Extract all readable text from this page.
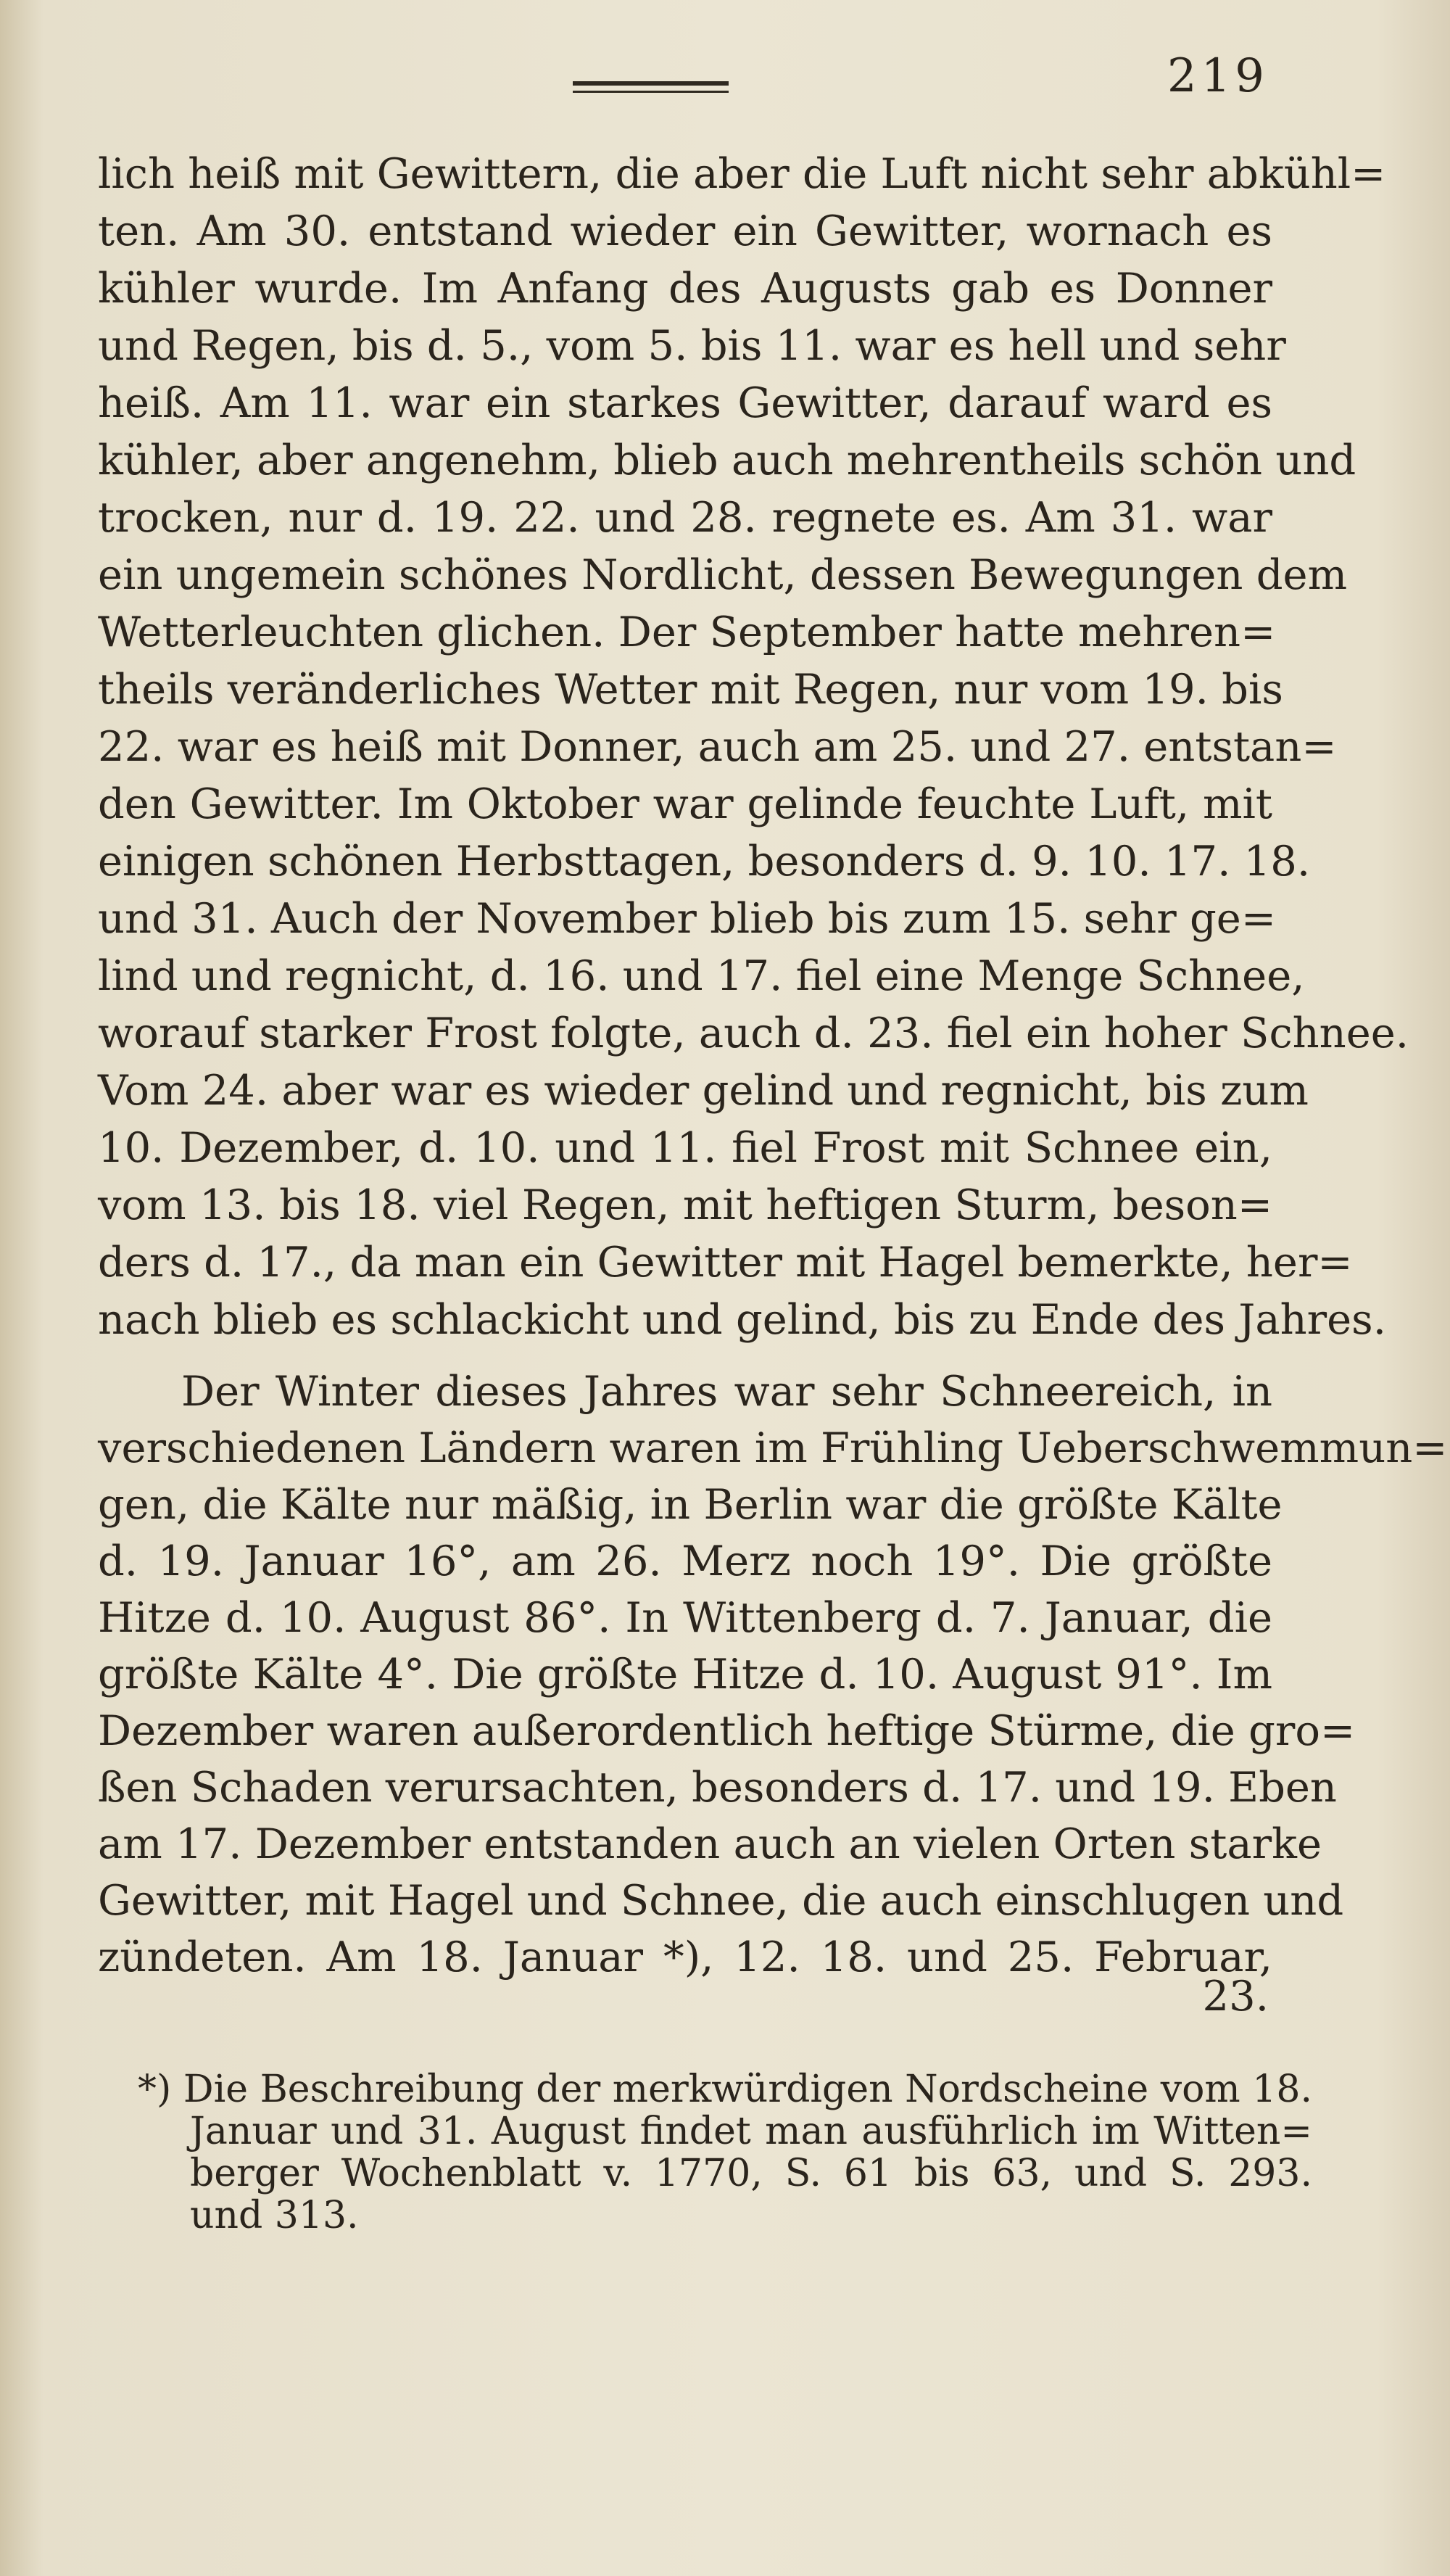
219
lich heiß mit Gewittern, die aber die Luft nicht sehr abkühl=
ten. Am 30. entstand wieder ein Gewitter, wornach es
kühler wurde. Im Anfang des Augusts gab es Donner
und Regen, bis d. 5., vom 5. bis 11. war es hell und sehr
heiß. Am 11. war ein starkes Gewitter, darauf ward es
kühler, aber angenehm, blieb auch mehrentheils schön und
trocken, nur d. 19. 22. und 28. regnete es. Am 31. war
ein ungemein schönes Nordlicht, dessen Bewegungen dem
Wetterleuchten glichen. Der September hatte mehren=
theils veränderliches Wetter mit Regen, nur vom 19. bis
22. war es heiß mit Donner, auch am 25. und 27. entstan=
den Gewitter. Im Oktober war gelinde feuchte Luft, mit
einigen schönen Herbsttagen, besonders d. 9. 10. 17. 18.
und 31. Auch der November blieb bis zum 15. sehr ge=
lind und regnicht, d. 16. und 17. fiel eine Menge Schnee,
worauf starker Frost folgte, auch d. 23. fiel ein hoher Schnee.
Vom 24. aber war es wieder gelind und regnicht, bis zum
10. Dezember, d. 10. und 11. fiel Frost mit Schnee ein,
vom 13. bis 18. viel Regen, mit heftigen Sturm, beson=
ders d. 17., da man ein Gewitter mit Hagel bemerkte, her=
nach blieb es schlackicht und gelind, bis zu Ende des Jahres.
Der Winter dieses Jahres war sehr Schneereich, in
verschiedenen Ländern waren im Frühling Ueberschwemmun=
gen, die Kälte nur mäßig, in Berlin war die größte Kälte
d. 19. Januar 16°, am 26. Merz noch 19°. Die größte
Hitze d. 10. August 86°. In Wittenberg d. 7. Januar, die
größte Kälte 4°. Die größte Hitze d. 10. August 91°. Im
Dezember waren außerordentlich heftige Stürme, die gro=
ßen Schaden verursachten, besonders d. 17. und 19. Eben
am 17. Dezember entstanden auch an vielen Orten starke
Gewitter, mit Hagel und Schnee, die auch einschlugen und
zündeten. Am 18. Januar *), 12. 18. und 25. Februar,
23.
*) Die Beschreibung der merkwürdigen Nordscheine vom 18.
Januar und 31. August findet man ausführlich im Witten=
berger Wochenblatt v. 1770, S. 61 bis 63, und S. 293.
und 313.
